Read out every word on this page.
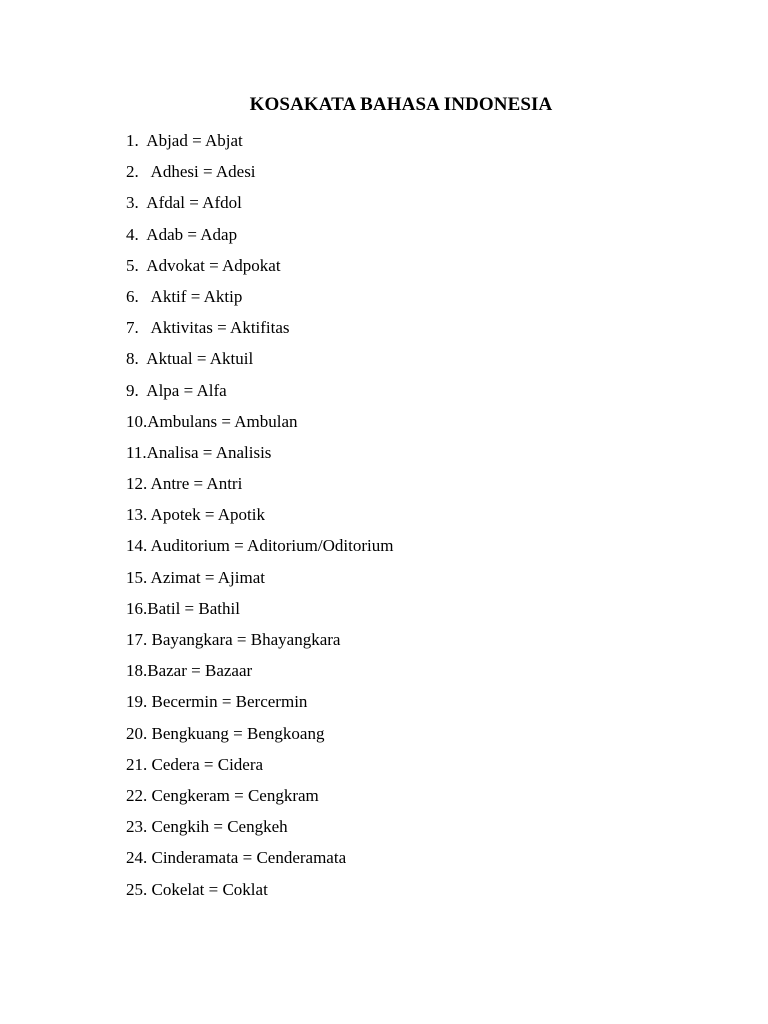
KOSAKATA BAHASA INDONESIA
1.  Abjad = Abjat
2.   Adhesi = Adesi
3.  Afdal = Afdol
4.  Adab = Adap
5.  Advokat = Adpokat
6.   Aktif = Aktip
7.   Aktivitas = Aktifitas
8.  Aktual = Aktuil
9.  Alpa = Alfa
10.Ambulans = Ambulan
11.Analisa = Analisis
12. Antre = Antri
13. Apotek = Apotik
14. Auditorium = Aditorium/Oditorium
15. Azimat = Ajimat
16.Batil = Bathil
17. Bayangkara = Bhayangkara
18.Bazar = Bazaar
19. Becermin = Bercermin
20. Bengkuang = Bengkoang
21. Cedera = Cidera
22. Cengkeram = Cengkram
23. Cengkih = Cengkeh
24. Cinderamata = Cenderamata
25. Cokelat = Coklat
